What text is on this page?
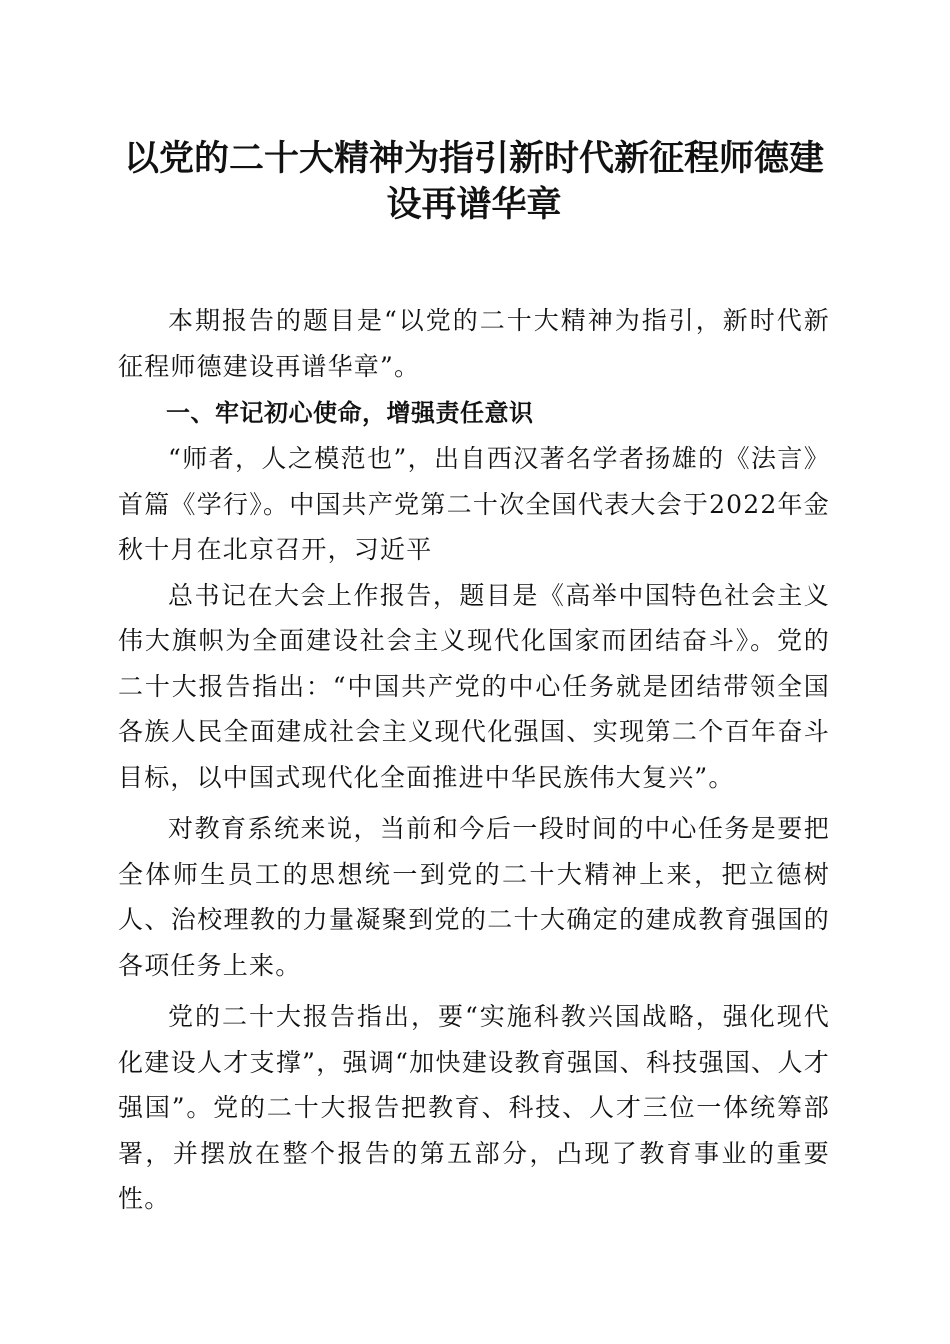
以党的二十大精神为指引新时代新征程师德建设再谱华章

本期报告的题目是“以党的二十大精神为指引，新时代新征程师德建设再谱华章”。

一、牢记初心使命，增强责任意识

“师者，人之模范也”，出自西汉著名学者扬雄的《法言》首篇《学行》。中国共产党第二十次全国代表大会于2022年金秋十月在北京召开，习近平

总书记在大会上作报告，题目是《高举中国特色社会主义伟大旗帜为全面建设社会主义现代化国家而团结奋斗》。党的二十大报告指出：“中国共产党的中心任务就是团结带领全国各族人民全面建成社会主义现代化强国、实现第二个百年奋斗目标，以中国式现代化全面推进中华民族伟大复兴”。

对教育系统来说，当前和今后一段时间的中心任务是要把全体师生员工的思想统一到党的二十大精神上来，把立德树人、治校理教的力量凝聚到党的二十大确定的建成教育强国的各项任务上来。

党的二十大报告指出，要“实施科教兴国战略，强化现代化建设人才支撑”，强调“加快建设教育强国、科技强国、人才强国”。党的二十大报告把教育、科技、人才三位一体统筹部署，并摆放在整个报告的第五部分，凸现了教育事业的重要性。
